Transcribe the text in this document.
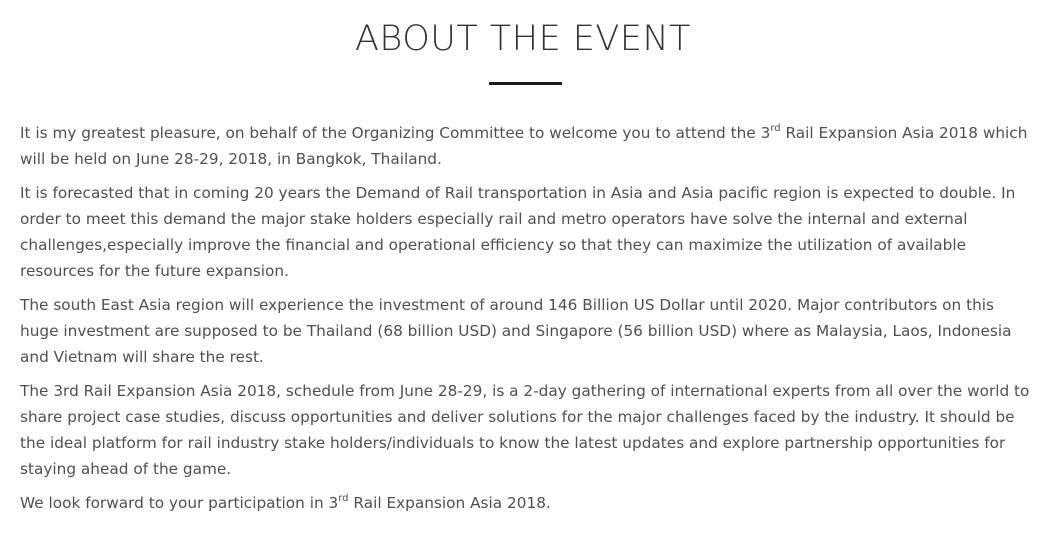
ABOUT THE EVENT

It is my greatest pleasure, on behalf of the Organizing Committee to welcome you to attend the 3rd Rail Expansion Asia 2018 which will be held on June 28-29, 2018, in Bangkok, Thailand.

It is forecasted that in coming 20 years the Demand of Rail transportation in Asia and Asia pacific region is expected to double. In order to meet this demand the major stake holders especially rail and metro operators have solve the internal and external challenges,especially improve the financial and operational efficiency so that they can maximize the utilization of available resources for the future expansion.

The south East Asia region will experience the investment of around 146 Billion US Dollar until 2020. Major contributors on this huge investment are supposed to be Thailand (68 billion USD) and Singapore (56 billion USD) where as Malaysia, Laos, Indonesia and Vietnam will share the rest.

The 3rd Rail Expansion Asia 2018, schedule from June 28-29, is a 2-day gathering of international experts from all over the world to share project case studies, discuss opportunities and deliver solutions for the major challenges faced by the industry. It should be the ideal platform for rail industry stake holders/individuals to know the latest updates and explore partnership opportunities for staying ahead of the game.

We look forward to your participation in 3rd Rail Expansion Asia 2018.
